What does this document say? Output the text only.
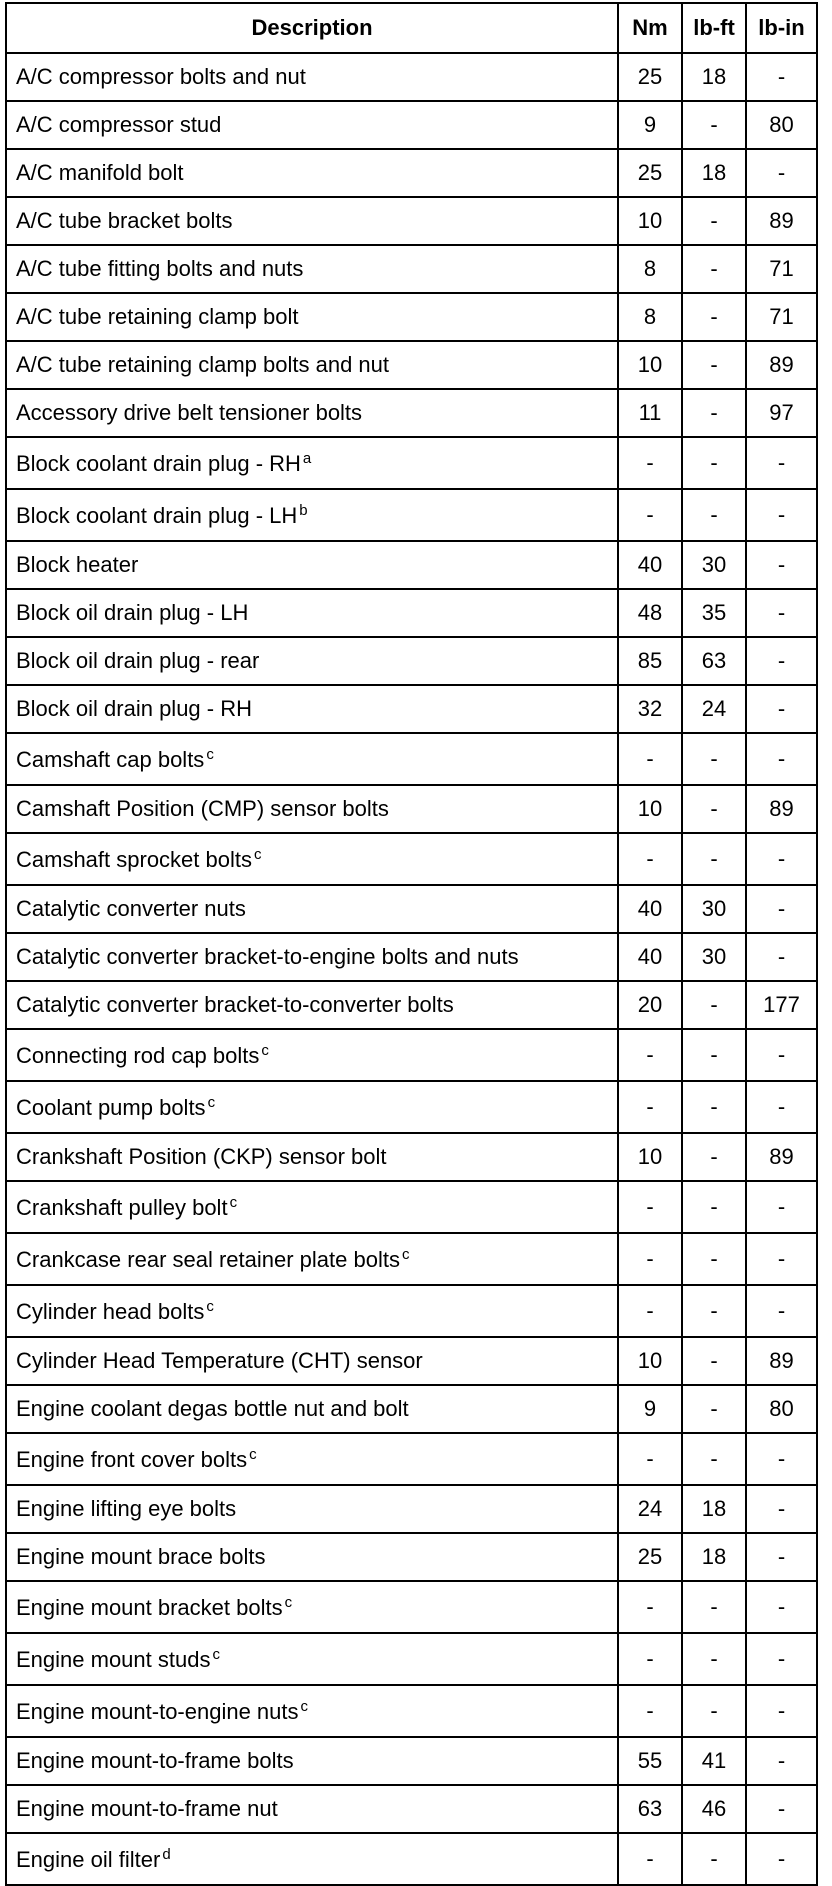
Description	Nm	lb-ft	lb-in
A/C compressor bolts and nut	25	18	-
A/C compressor stud	9	-	80
A/C manifold bolt	25	18	-
A/C tube bracket bolts	10	-	89
A/C tube fitting bolts and nuts	8	-	71
A/C tube retaining clamp bolt	8	-	71
A/C tube retaining clamp bolts and nut	10	-	89
Accessory drive belt tensioner bolts	11	-	97
Block coolant drain plug - RH $^a$	-	-	-
Block coolant drain plug - LH $^b$	-	-	-
Block heater	40	30	-
Block oil drain plug - LH	48	35	-
Block oil drain plug - rear	85	63	-
Block oil drain plug - RH	32	24	-
Camshaft cap bolts $^c$	-	-	-
Camshaft Position (CMP) sensor bolts	10	-	89
Camshaft sprocket bolts $^c$	-	-	-
Catalytic converter nuts	40	30	-
Catalytic converter bracket-to-engine bolts and nuts	40	30	-
Catalytic converter bracket-to-converter bolts	20	-	177
Connecting rod cap bolts $^c$	-	-	-
Coolant pump bolts $^c$	-	-	-
Crankshaft Position (CKP) sensor bolt	10	-	89
Crankshaft pulley bolt $^c$	-	-	-
Crankcase rear seal retainer plate bolts $^c$	-	-	-
Cylinder head bolts $^c$	-	-	-
Cylinder Head Temperature (CHT) sensor	10	-	89
Engine coolant degas bottle nut and bolt	9	-	80
Engine front cover bolts $^c$	-	-	-
Engine lifting eye bolts	24	18	-
Engine mount brace bolts	25	18	-
Engine mount bracket bolts $^c$	-	-	-
Engine mount studs $^c$	-	-	-
Engine mount-to-engine nuts $^c$	-	-	-
Engine mount-to-frame bolts	55	41	-
Engine mount-to-frame nut	63	46	-
Engine oil filter $^d$	-	-	-
